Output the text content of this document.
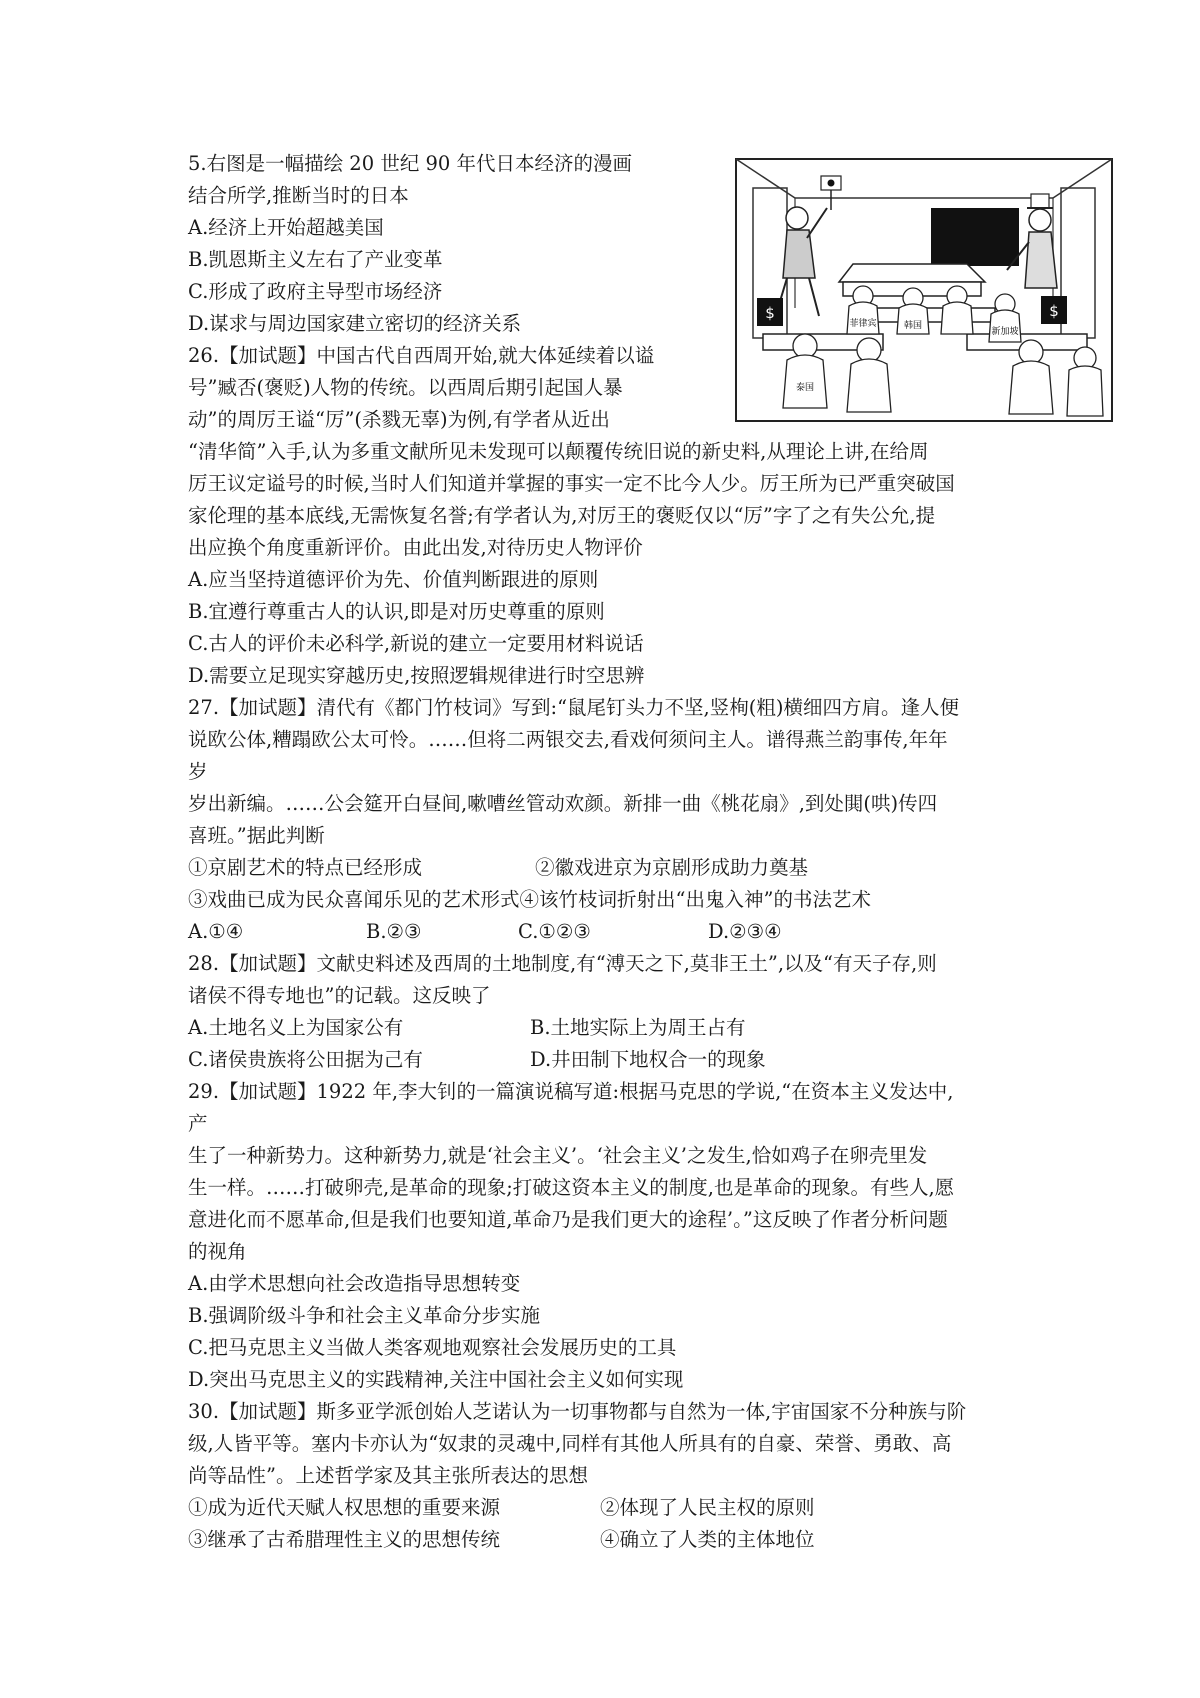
5.右图是一幅描绘 20 世纪 90 年代日本经济的漫画
结合所学,推断当时的日本
A.经济上开始超越美国
B.凯恩斯主义左右了产业变革
C.形成了政府主导型市场经济
D.谋求与周边国家建立密切的经济关系	$	$
菲律宾	韩国
泰国
新加坡
26.【加试题】中国古代自西周开始,就大体延续着以谥
号”臧否(褒贬)人物的传统。以西周后期引起国人暴
动”的周厉王谥“厉”(杀戮无辜)为例,有学者从近出
“清华简”入手,认为多重文献所见未发现可以颠覆传统旧说的新史料,从理论上讲,在给周
厉王议定谥号的时候,当时人们知道并掌握的事实一定不比今人少。厉王所为已严重突破国
家伦理的基本底线,无需恢复名誉;有学者认为,对厉王的褒贬仅以“厉”字了之有失公允,提
出应换个角度重新评价。由此出发,对待历史人物评价
A.应当坚持道德评价为先、价值判断跟进的原则
B.宜遵行尊重古人的认识,即是对历史尊重的原则
C.古人的评价未必科学,新说的建立一定要用材料说话
D.需要立足现实穿越历史,按照逻辑规律进行时空思辨
27.【加试题】清代有《都门竹枝词》写到:“鼠尾钉头力不坚,竖栒(粗)横细四方肩。逢人便
说欧公体,糟蹋欧公太可怜。……但将二两银交去,看戏何须问主人。谱得燕兰韵事传,年年
岁
岁出新编。……公会筵开白昼间,嗽嘈丝管动欢颜。新排一曲《桃花扇》,到处閧(哄)传四
喜班。”据此判断
①京剧艺术的特点已经形成	②徽戏进京为京剧形成助力奠基
③戏曲已成为民众喜闻乐见的艺术形式④该竹枝词折射出“出鬼入神”的书法艺术
A.①④	B.②③	C.①②③	D.②③④
28.【加试题】文献史料述及西周的土地制度,有“溥天之下,莫非王土”,以及“有天子存,则
诸侯不得专地也”的记载。这反映了
A.土地名义上为国家公有	B.土地实际上为周王占有
C.诸侯贵族将公田据为己有	D.井田制下地权合一的现象
29.【加试题】1922 年,李大钊的一篇演说稿写道:根据马克思的学说,“在资本主义发达中,
产
生了一种新势力。这种新势力,就是‘社会主义’。‘社会主义’之发生,恰如鸡子在卵壳里发
生一样。……打破卵壳,是革命的现象;打破这资本主义的制度,也是革命的现象。有些人,愿
意进化而不愿革命,但是我们也要知道,革命乃是我们更大的途程’。”这反映了作者分析问题
的视角
A.由学术思想向社会改造指导思想转变
B.强调阶级斗争和社会主义革命分步实施
C.把马克思主义当做人类客观地观察社会发展历史的工具
D.突出马克思主义的实践精神,关注中国社会主义如何实现
30.【加试题】斯多亚学派创始人芝诺认为一切事物都与自然为一体,宇宙国家不分种族与阶
级,人皆平等。塞内卡亦认为“奴隶的灵魂中,同样有其他人所具有的自豪、荣誉、勇敢、高
尚等品性”。上述哲学家及其主张所表达的思想
①成为近代天赋人权思想的重要来源	②体现了人民主权的原则
③继承了古希腊理性主义的思想传统	④确立了人类的主体地位
